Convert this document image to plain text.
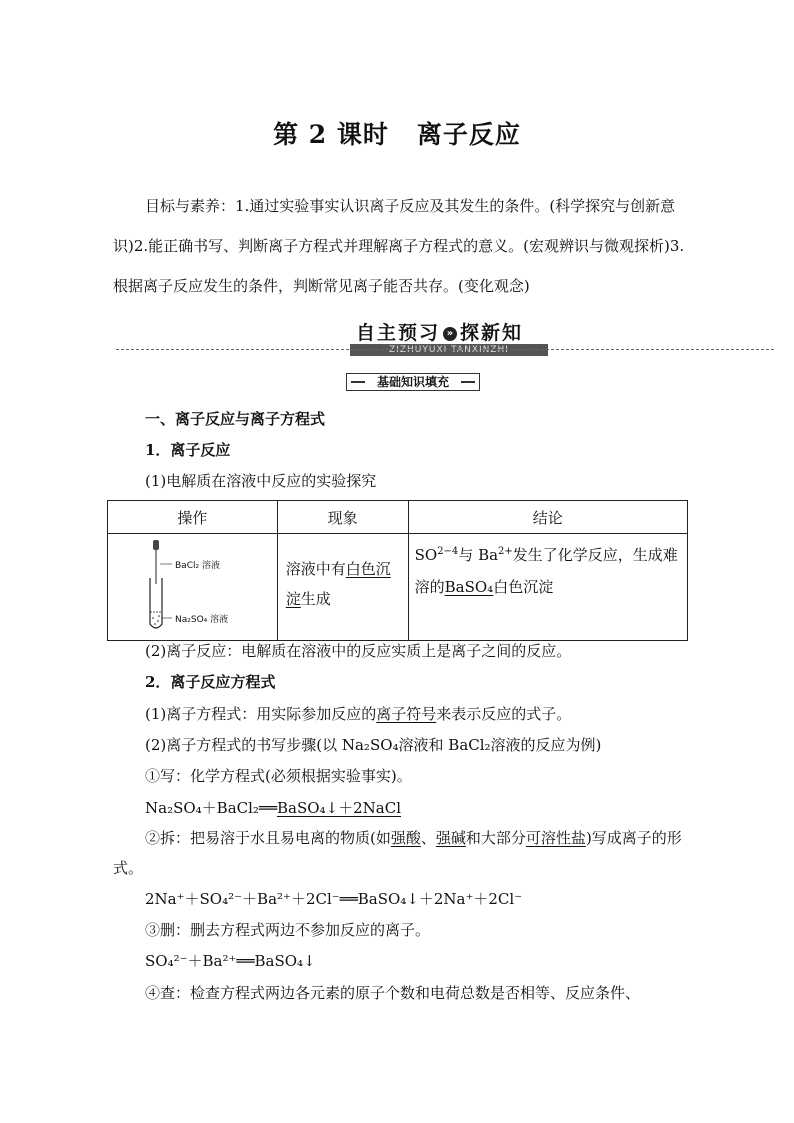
第 2 课时 离子反应

目标与素养：1.通过实验事实认识离子反应及其发生的条件。(科学探究与创新意识)2.能正确书写、判断离子方程式并理解离子方程式的意义。(宏观辨识与微观探析)3.根据离子反应发生的条件，判断常见离子能否共存。(变化观念)

自主预习 » 探新知
ZIZHUYUXI TANXINZHI
基础知识填充
一、离子反应与离子方程式
1．离子反应
(1)电解质在溶液中反应的实验探究
操作	现象	结论

BaCl₂ 溶液
Na₂SO₄ 溶液	溶液中有白色沉淀生成	$SO^{2-4}$与 $Ba^{2+}$发生了化学反应，生成难溶的BaSO₄白色沉淀
(2)离子反应：电解质在溶液中的反应实质上是离子之间的反应。
2．离子反应方程式
(1)离子方程式：用实际参加反应的离子符号来表示反应的式子。
(2)离子方程式的书写步骤(以 Na₂SO₄溶液和 BaCl₂溶液的反应为例)
①写：化学方程式(必须根据实验事实)。
Na₂SO₄＋BaCl₂══BaSO₄↓＋2NaCl

②拆：把易溶于水且易电离的物质(如强酸、强碱和大部分可溶性盐)写成离子的形式。

2Na⁺＋SO₄²⁻＋Ba²⁺＋2Cl⁻══BaSO₄↓＋2Na⁺＋2Cl⁻
③删：删去方程式两边不参加反应的离子。
SO₄²⁻＋Ba²⁺══BaSO₄↓
④查：检查方程式两边各元素的原子个数和电荷总数是否相等、反应条件、
